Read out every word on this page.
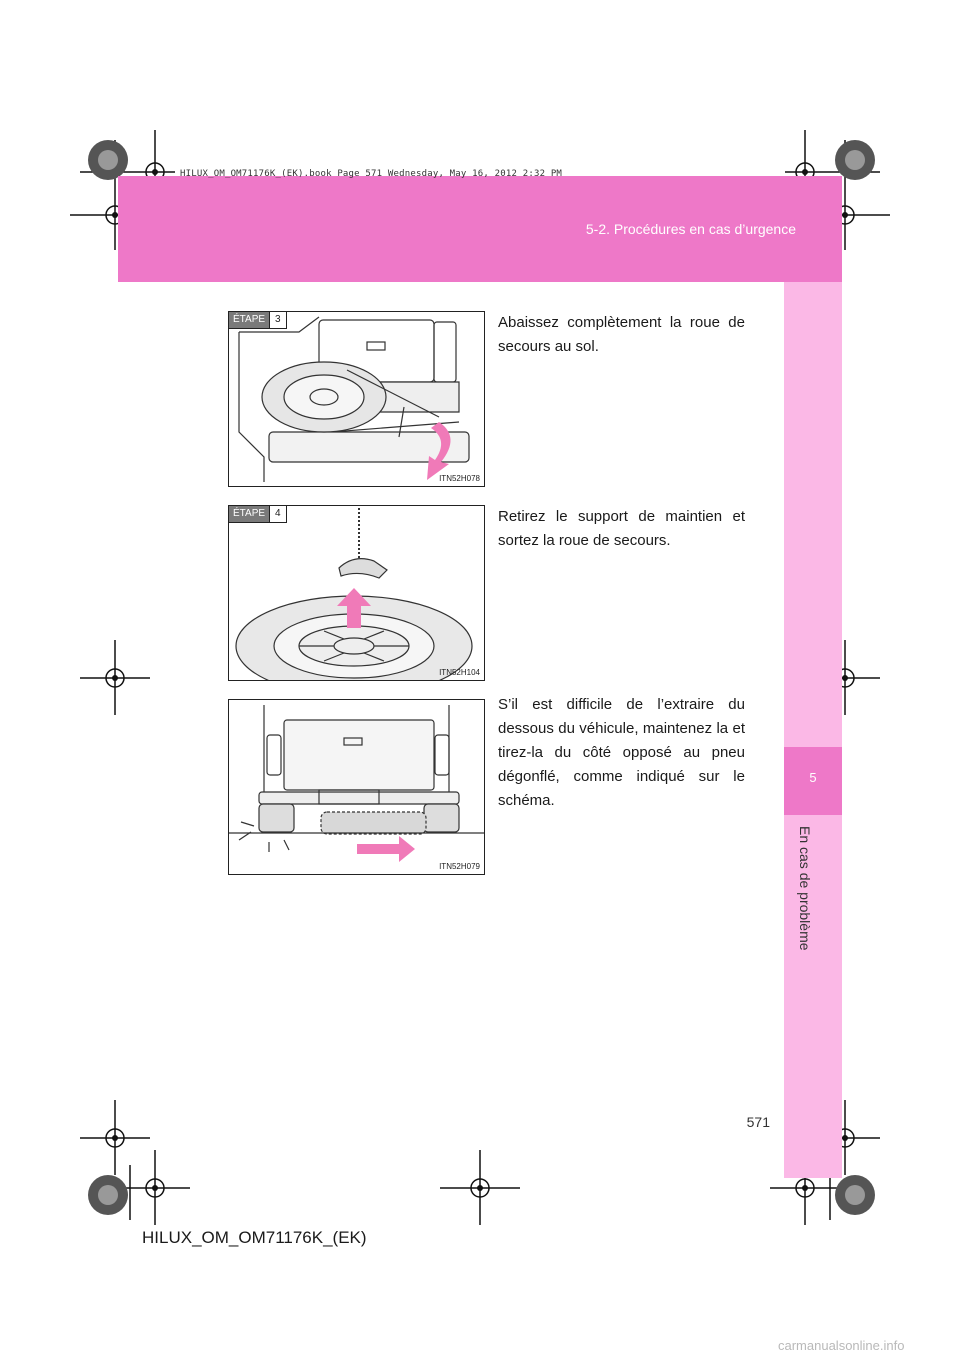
HILUX_OM_OM71176K_(EK).book Page 571 Wednesday, May 16, 2012 2:32 PM
5-2. Procédures en cas d’urgence
5
En cas de problème
ÉTAPE	3
ITN52H078
ÉTAPE	4
ITN52H104
ITN52H079
Abaissez complètement la roue de secours au sol.
Retirez le support de maintien et sortez la roue de secours.
S’il est difficile de l’extraire du dessous du véhicule, maintenez la et tirez-la du côté opposé au pneu dégonflé, comme indiqué sur le schéma.
571
HILUX_OM_OM71176K_(EK)
carmanualsonline.info
